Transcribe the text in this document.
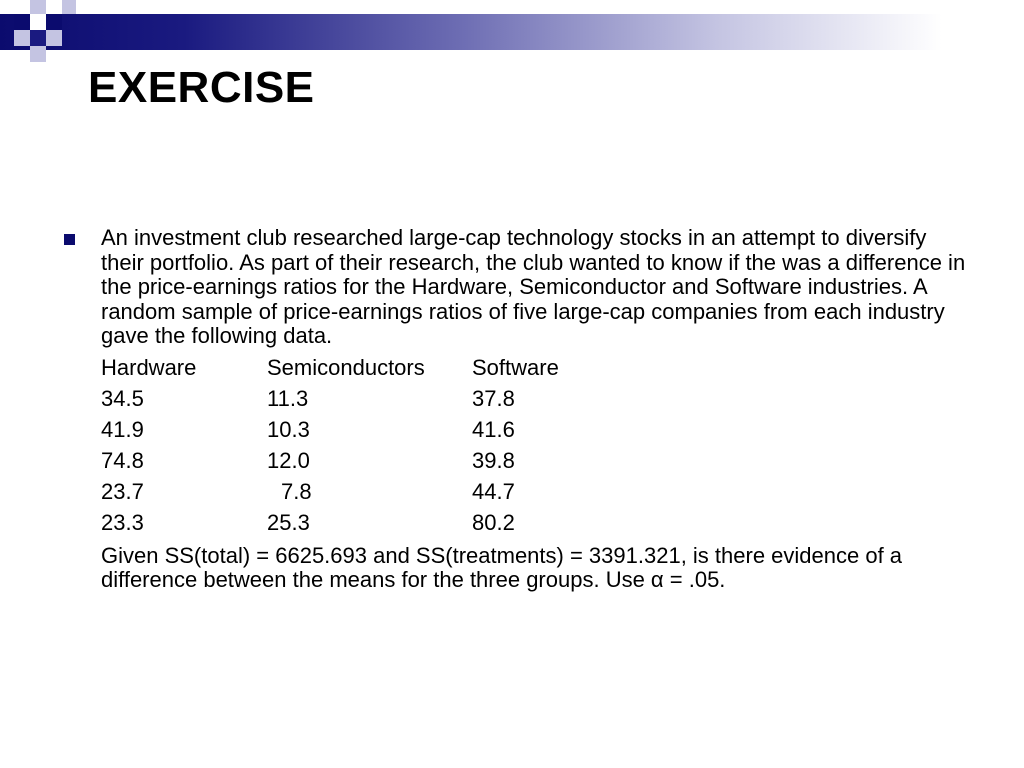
EXERCISE

An investment club researched large-cap technology stocks in an attempt to diversify their portfolio. As part of their research, the club wanted to know if the was a difference in the price-earnings ratios for the Hardware, Semiconductor and Software industries. A random sample of price-earnings ratios of five large-cap companies from each industry gave the following data.

Hardware	Semiconductors	Software
34.5	11.3	37.8
41.9	10.3	41.6
74.8	12.0	39.8
23.7	7.8	44.7
23.3	25.3	80.2

Given SS(total) = 6625.693 and SS(treatments) = 3391.321, is there evidence of a difference between the means for the three groups. Use α = .05.
